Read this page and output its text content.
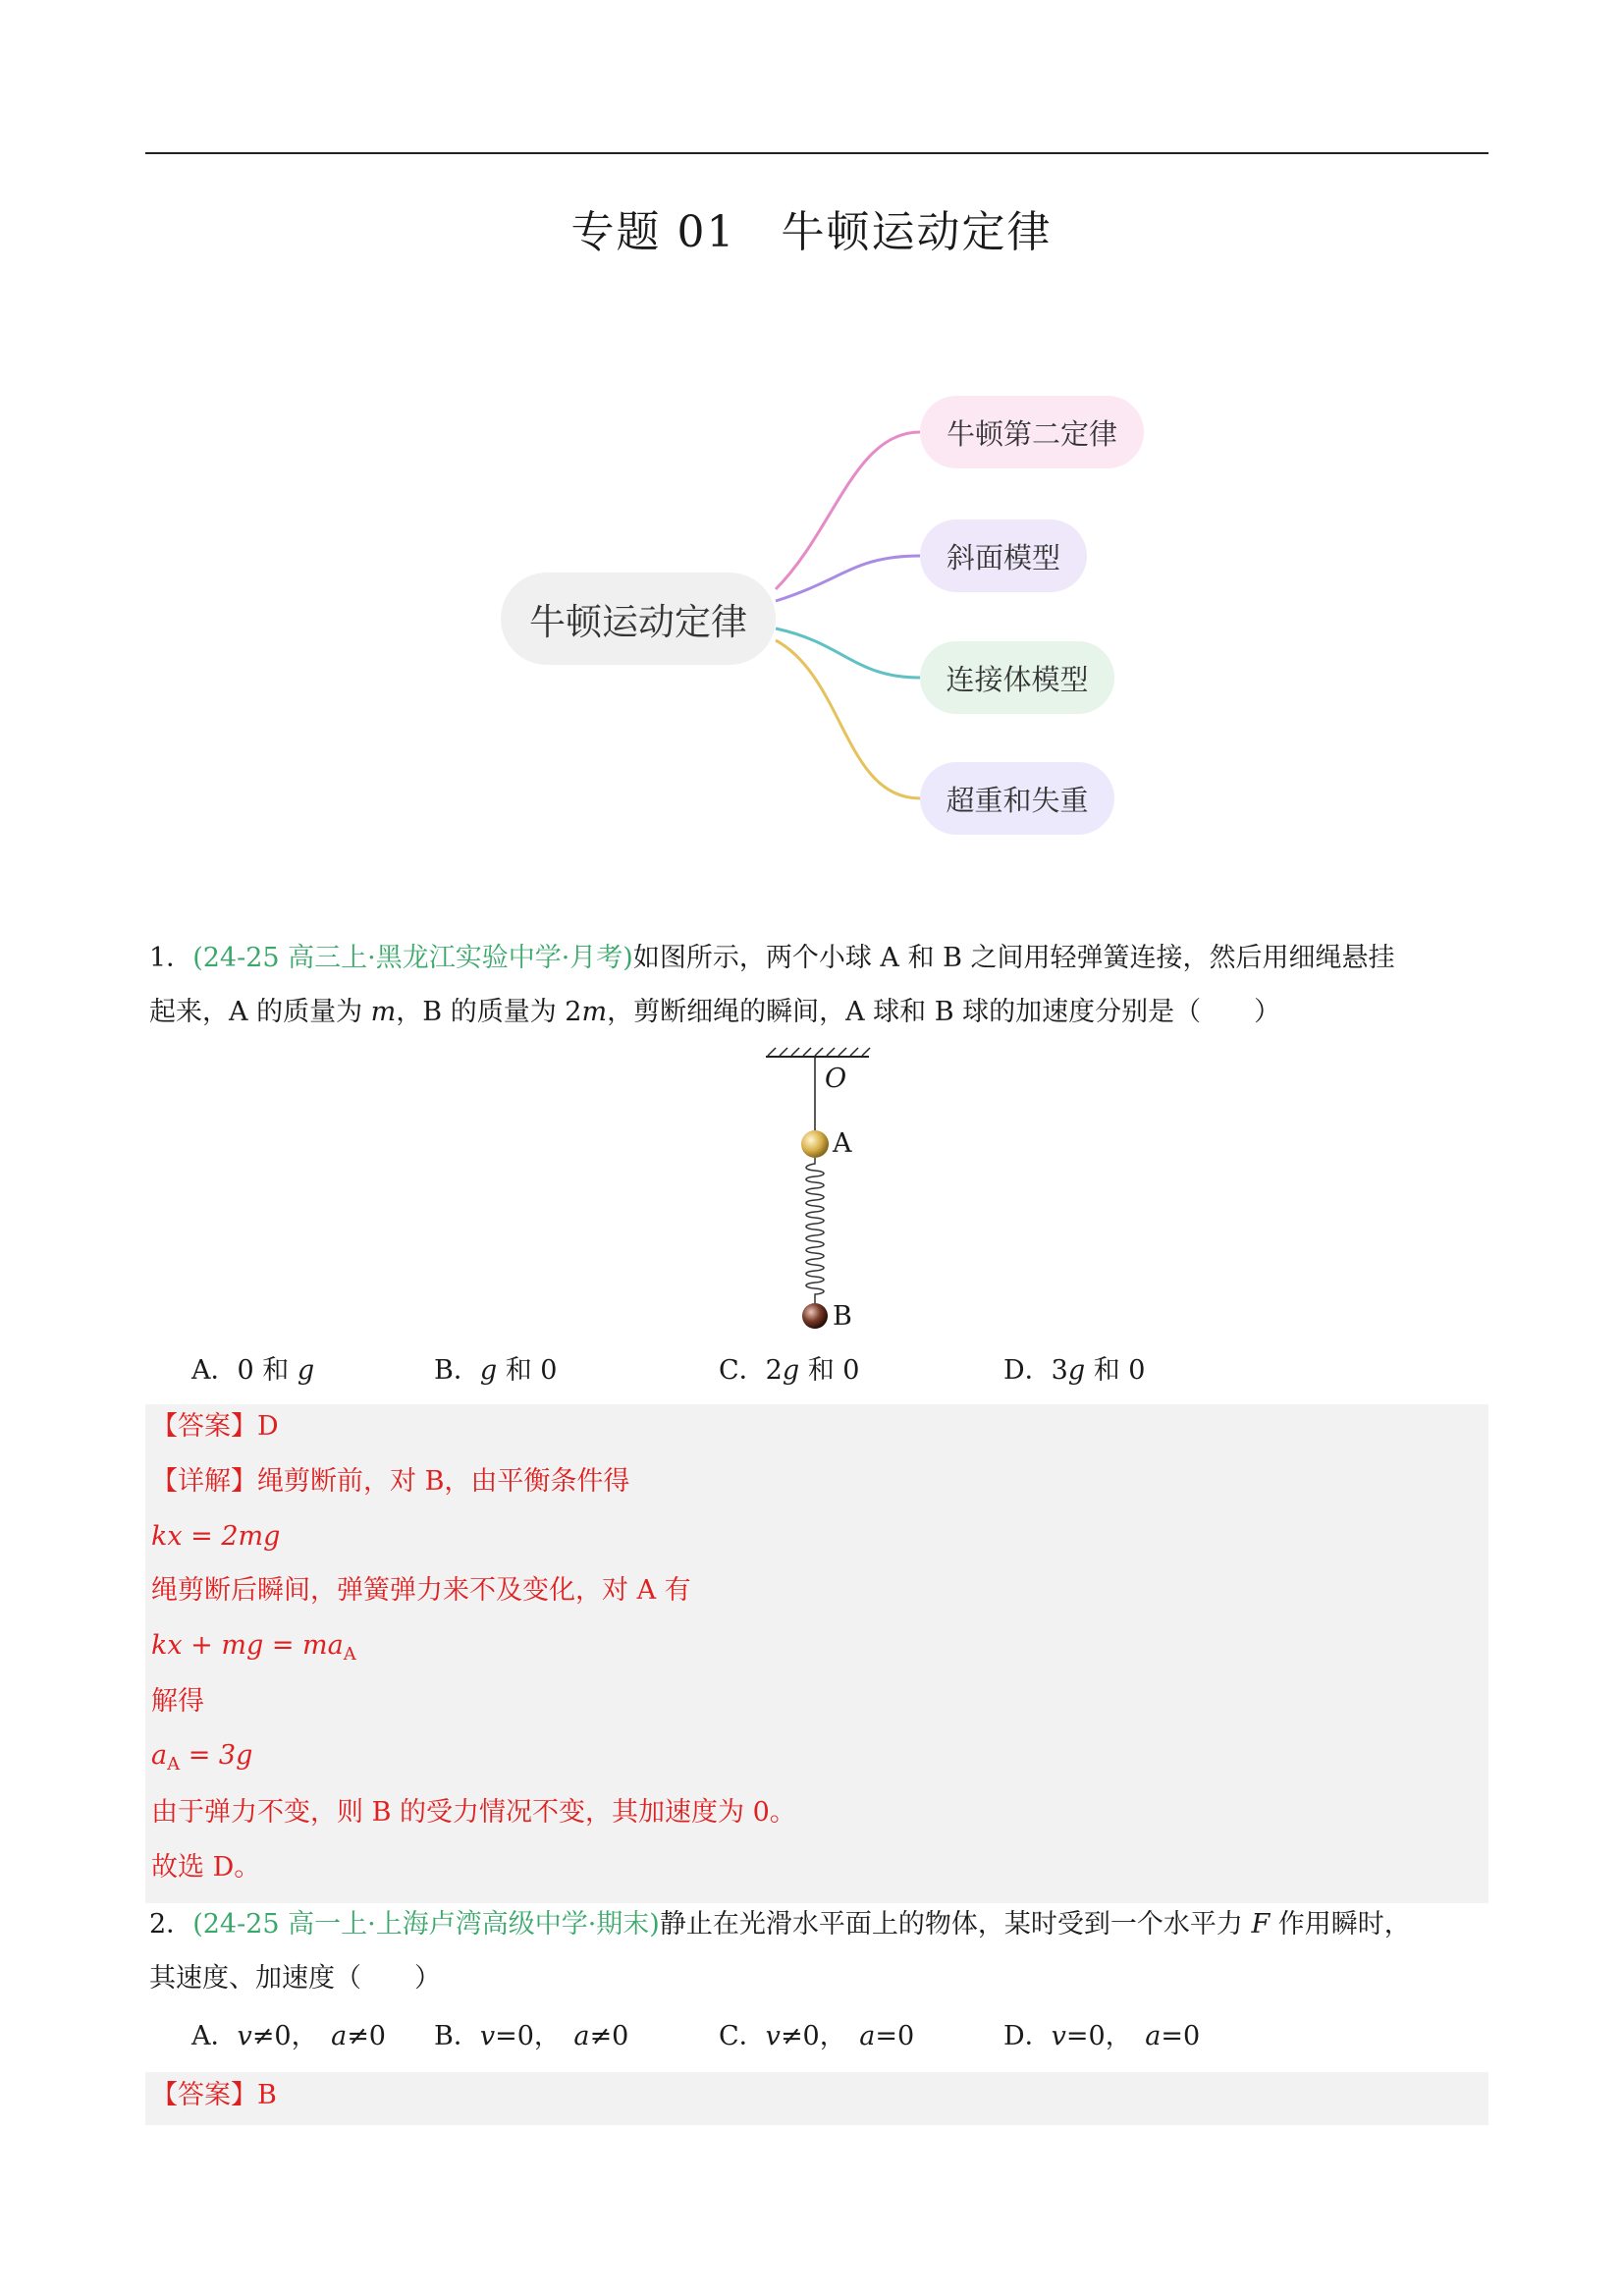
专题 01　牛顿运动定律
牛顿运动定律
牛顿第二定律
斜面模型
连接体模型
超重和失重
1．(24-25 高三上·黑龙江实验中学·月考)如图所示，两个小球 A 和 B 之间用轻弹簧连接，然后用细绳悬挂
起来，A 的质量为 m，B 的质量为 2m，剪断细绳的瞬间，A 球和 B 球的加速度分别是（　　）
O
A
B
A．0 和 g	B．g 和 0	C．2g 和 0	D．3g 和 0
【答案】D
【详解】绳剪断前，对 B，由平衡条件得
kx = 2mg
绳剪断后瞬间，弹簧弹力来不及变化，对 A 有
kx + mg = $ma_A$
解得
$a_A = 3g$
由于弹力不变，则 B 的受力情况不变，其加速度为 0。
故选 D。
2．(24-25 高一上·上海卢湾高级中学·期末)静止在光滑水平面上的物体，某时受到一个水平力 F 作用瞬时，
其速度、加速度（　　）
A．v≠0，　a≠0 B．v=0，　a≠0	C．v≠0，　a=0	D．v=0，　a=0
【答案】B
